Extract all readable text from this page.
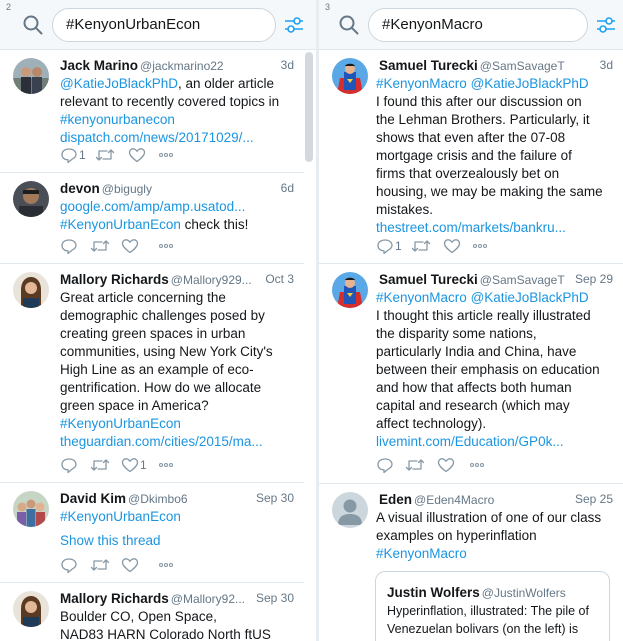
2
#KenyonUrbanEcon
Jack Marino @jackmarino22	3d
@KatieJoBlackPhD, an older article
relevant to recently covered topics in
#kenyonurbanecon
dispatch.com/news/20171029/...
1
devon @bigugly	6d
google.com/amp/amp.usatod...
#KenyonUrbanEcon check this!
Mallory Richards @Mallory929...	Oct 3
Great article concerning the
demographic challenges posed by
creating green spaces in urban
communities, using New York City's
High Line as an example of eco-
gentrification. How do we allocate
green space in America?
#KenyonUrbanEcon
theguardian.com/cities/2015/ma...
1
David Kim @Dkimbo6	Sep 30
#KenyonUrbanEcon
Show this thread
Mallory Richards @Mallory92... Sep 30
Boulder CO, Open Space,
NAD83 HARN Colorado North ftUS
3
#KenyonMacro
Samuel Turecki @SamSavageT	3d
#KenyonMacro @KatieJoBlackPhD
I found this after our discussion on
the Lehman Brothers. Particularly, it
shows that even after the 07-08
mortgage crisis and the failure of
firms that overzealously bet on
housing, we may be making the same
mistakes.
thestreet.com/markets/bankru...
1
Samuel Turecki @SamSavageT Sep 29
#KenyonMacro @KatieJoBlackPhD
I thought this article really illustrated
the disparity some nations,
particularly India and China, have
between their emphasis on education
and how that affects both human
capital and research (which may
affect technology).
livemint.com/Education/GP0k...
Eden @Eden4Macro	Sep 25
A visual illustration of one of our class
examples on hyperinflation
#KenyonMacro
Justin Wolfers @JustinWolfers
Hyperinflation, illustrated: The pile of
Venezuelan bolivars (on the left) is
